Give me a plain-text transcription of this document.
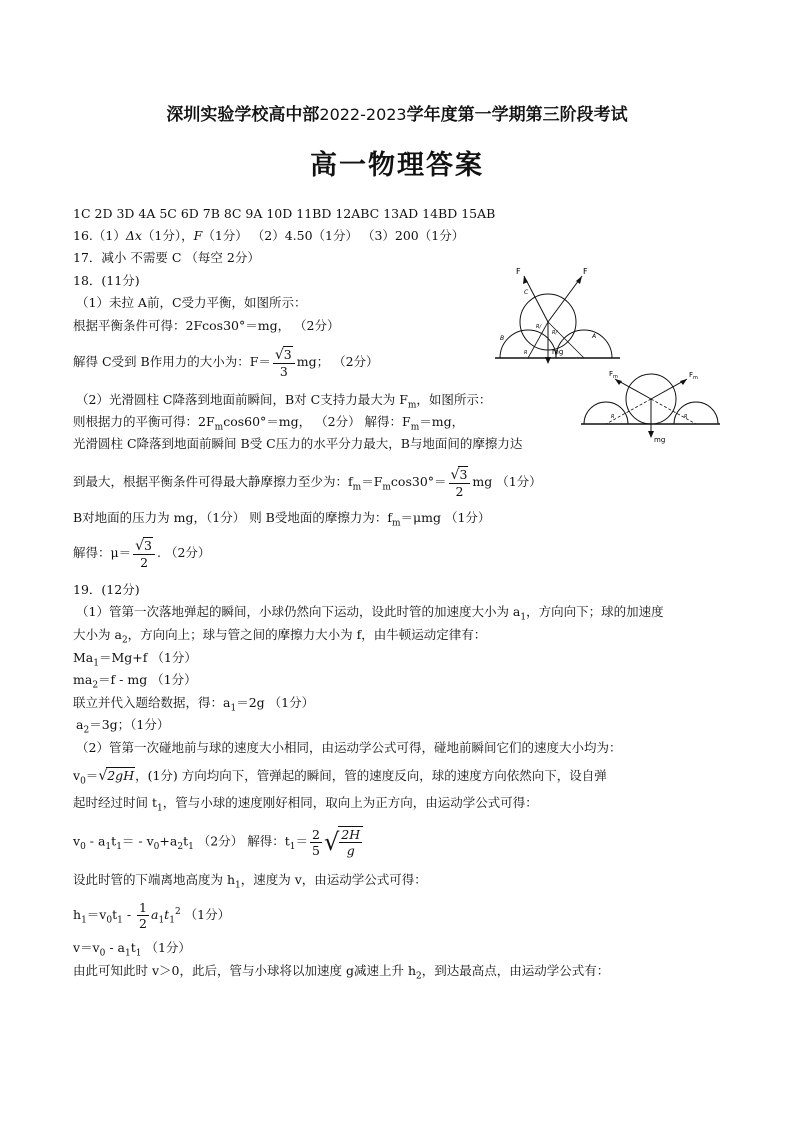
深圳实验学校高中部2022-2023学年度第一学期第三阶段考试
高一物理答案
1C 2D 3D 4A 5C 6D 7B 8C 9A 10D 11BD 12ABC 13AD 14BD 15AB
16.（1）Δx（1分），F（1分） （2）4.50（1分） （3）200（1分）
17．减小 不需要 C （每空 2分）
18．(11分)
（1）未拉 A前，C受力平衡，如图所示：
根据平衡条件可得：2Fcos30°＝mg， （2分）
解得 C受到 B作用力的大小为：$F= \frac{√3}{3}$ mg； （2分）
（2）光滑圆柱 C降落到地面前瞬间，B对 C支持力最大为 $F_m$，如图所示：
则根据力的平衡可得：$2F_m\cos 60^\circ=mg$， （2分） 解得：$F_m=mg$，
光滑圆柱 C降落到地面前瞬间 B受 C压力的水平分力最大，B与地面间的摩擦力达
到最大，根据平衡条件可得最大静摩擦力至少为：$f_m=F_m\cos 30^\circ= \frac{√3}{2}$ mg （1分）
B对地面的压力为 mg，（1分） 则 B受地面的摩擦力为：$f_m=\mu mg$ （1分）
解得：$\mu= \frac{√3}{2}$ . （2分）
19．(12分)
（1）管第一次落地弹起的瞬间，小球仍然向下运动，设此时管的加速度大小为 $a_1$，方向向下；球的加速度
大小为 $a_2$，方向向上；球与管之间的摩擦力大小为 f，由牛顿运动定律有：
$Ma_1=Mg+f$ （1分）
$ma_2=f$ - mg （1分）
联立并代入题给数据，得：$a_1=2g$ （1分）
$a_2=3g$；（1分）
（2）管第一次碰地前与球的速度大小相同，由运动学公式可得，碰地前瞬间它们的速度大小均为：
$v_0=√2gH$，(1分) 方向均向下，管弹起的瞬间，管的速度反向，球的速度方向依然向下，设自弹
起时经过时间 $t_1$，管与小球的速度刚好相同，取向上为正方向，由运动学公式可得：
$v_0 - a_1t_1= - v_0+a_2t_1$ （2分） 解得：$t_1= \frac{2}{5}$ √ $\frac{2H}{g}$
设此时管的下端离地高度为 $h_1$，速度为 v，由运动学公式可得：
$h_1=v_0t_1 - \frac{1}{2} a_1t_1^2$ （1分）
$v=v_0 - a_1t_1$ （1分）
由此可知此时 v＞0，此后，管与小球将以加速度 g减速上升 $h_2$，到达最高点，由运动学公式有：
F	F
C
R/
R/	A
B
R	mg
$F_m$	$F_m$
R	R
mg
